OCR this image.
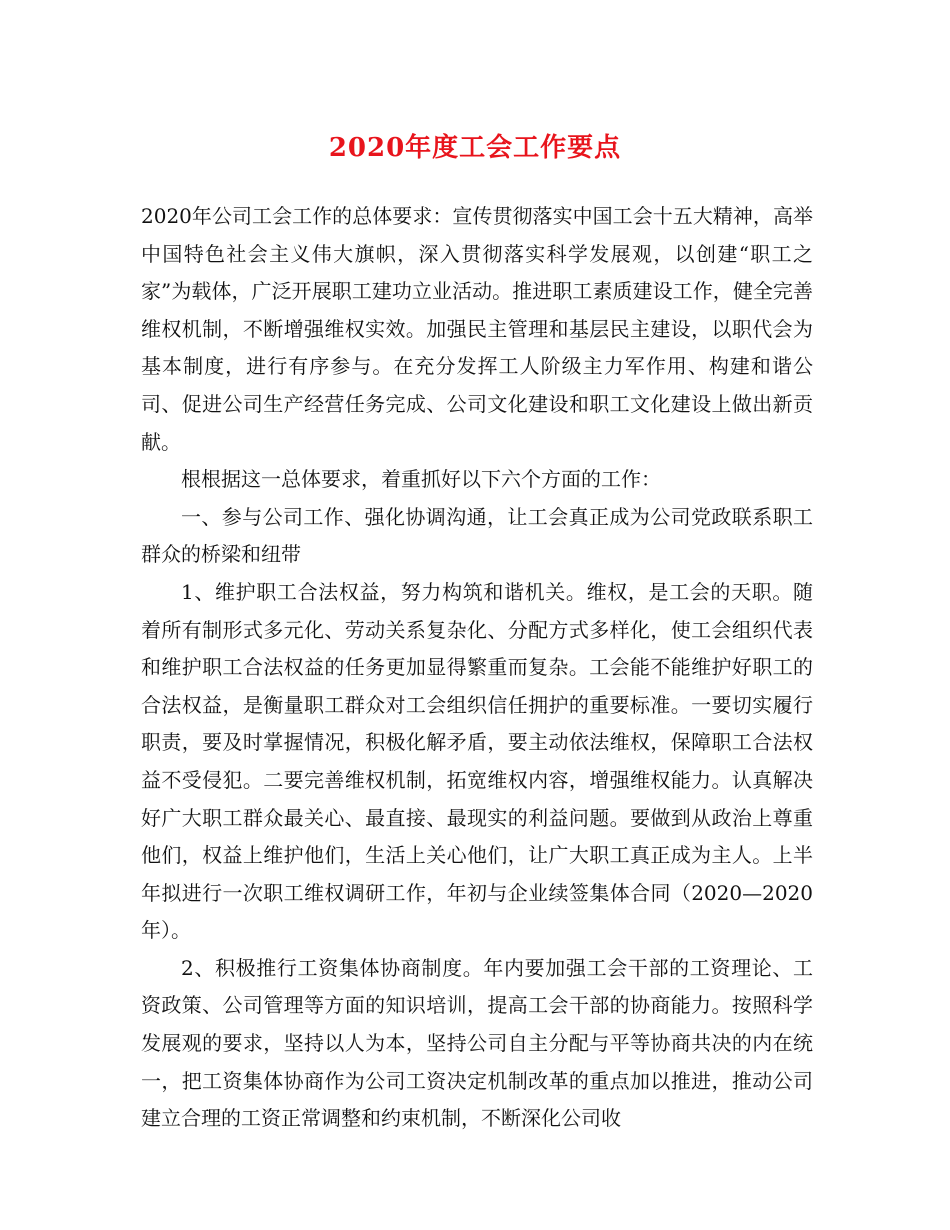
2020年度工会工作要点

2020年公司工会工作的总体要求：宣传贯彻落实中国工会十五大精神，高举中国特色社会主义伟大旗帜，深入贯彻落实科学发展观，以创建“职工之家”为载体，广泛开展职工建功立业活动。推进职工素质建设工作，健全完善维权机制，不断增强维权实效。加强民主管理和基层民主建设，以职代会为基本制度，进行有序参与。在充分发挥工人阶级主力军作用、构建和谐公司、促进公司生产经营任务完成、公司文化建设和职工文化建设上做出新贡献。

根根据这一总体要求，着重抓好以下六个方面的工作：

一、参与公司工作、强化协调沟通，让工会真正成为公司党政联系职工群众的桥梁和纽带

1、维护职工合法权益，努力构筑和谐机关。维权，是工会的天职。随着所有制形式多元化、劳动关系复杂化、分配方式多样化，使工会组织代表和维护职工合法权益的任务更加显得繁重而复杂。工会能不能维护好职工的合法权益，是衡量职工群众对工会组织信任拥护的重要标准。一要切实履行职责，要及时掌握情况，积极化解矛盾，要主动依法维权，保障职工合法权益不受侵犯。二要完善维权机制，拓宽维权内容，增强维权能力。认真解决好广大职工群众最关心、最直接、最现实的利益问题。要做到从政治上尊重他们，权益上维护他们，生活上关心他们，让广大职工真正成为主人。上半年拟进行一次职工维权调研工作，年初与企业续签集体合同（2020—2020年）。

2、积极推行工资集体协商制度。年内要加强工会干部的工资理论、工资政策、公司管理等方面的知识培训，提高工会干部的协商能力。按照科学发展观的要求，坚持以人为本，坚持公司自主分配与平等协商共决的内在统一，把工资集体协商作为公司工资决定机制改革的重点加以推进，推动公司建立合理的工资正常调整和约束机制，不断深化公司收
